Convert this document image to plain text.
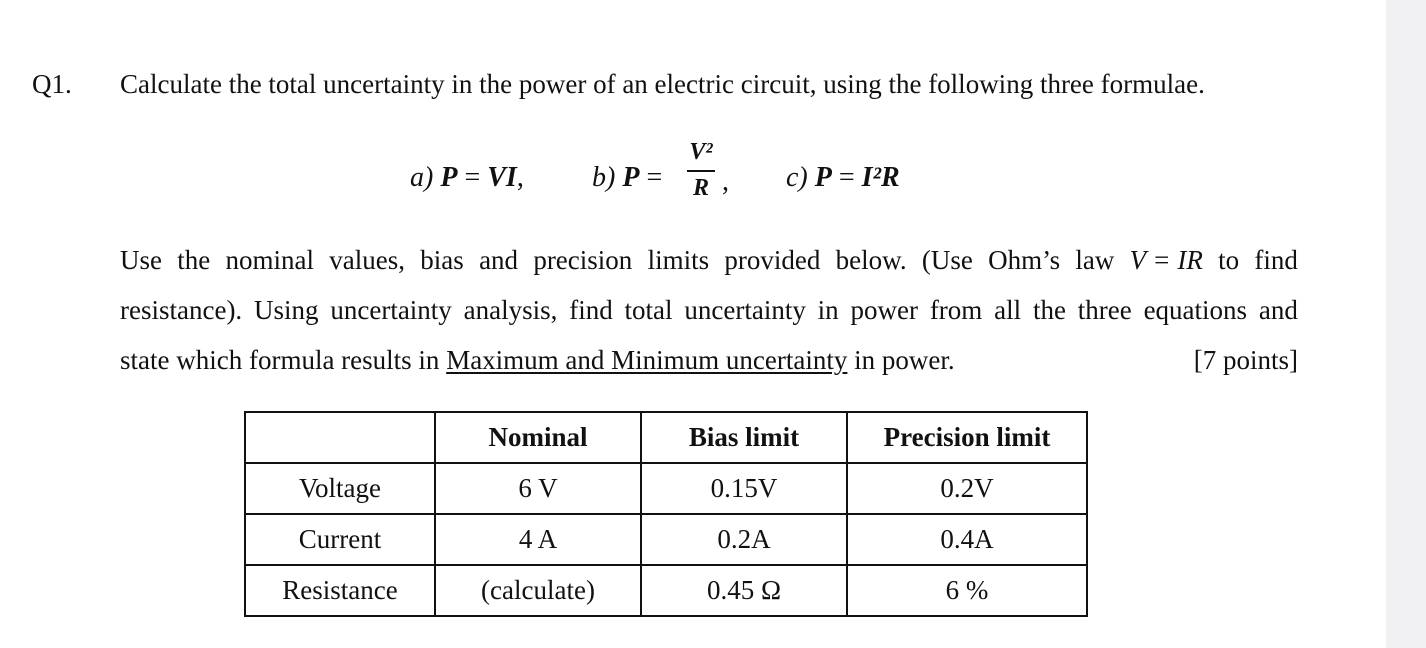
Q1. Calculate the total uncertainty in the power of an electric circuit, using the following three formulae.
a) P = VI, b) P =
V²
R , c) P = I²R
Use the nominal values, bias and precision limits provided below. (Use Ohm’s law V = IR to find
resistance). Using uncertainty analysis, find total uncertainty in power from all the three equations and
state which formula results in Maximum and Minimum uncertainty in power.	[7 points]
	Nominal	Bias limit	Precision limit
Voltage	6 V	0.15V	0.2V
Current	4 A	0.2A	0.4A
Resistance	(calculate)	0.45 Ω	6 %
